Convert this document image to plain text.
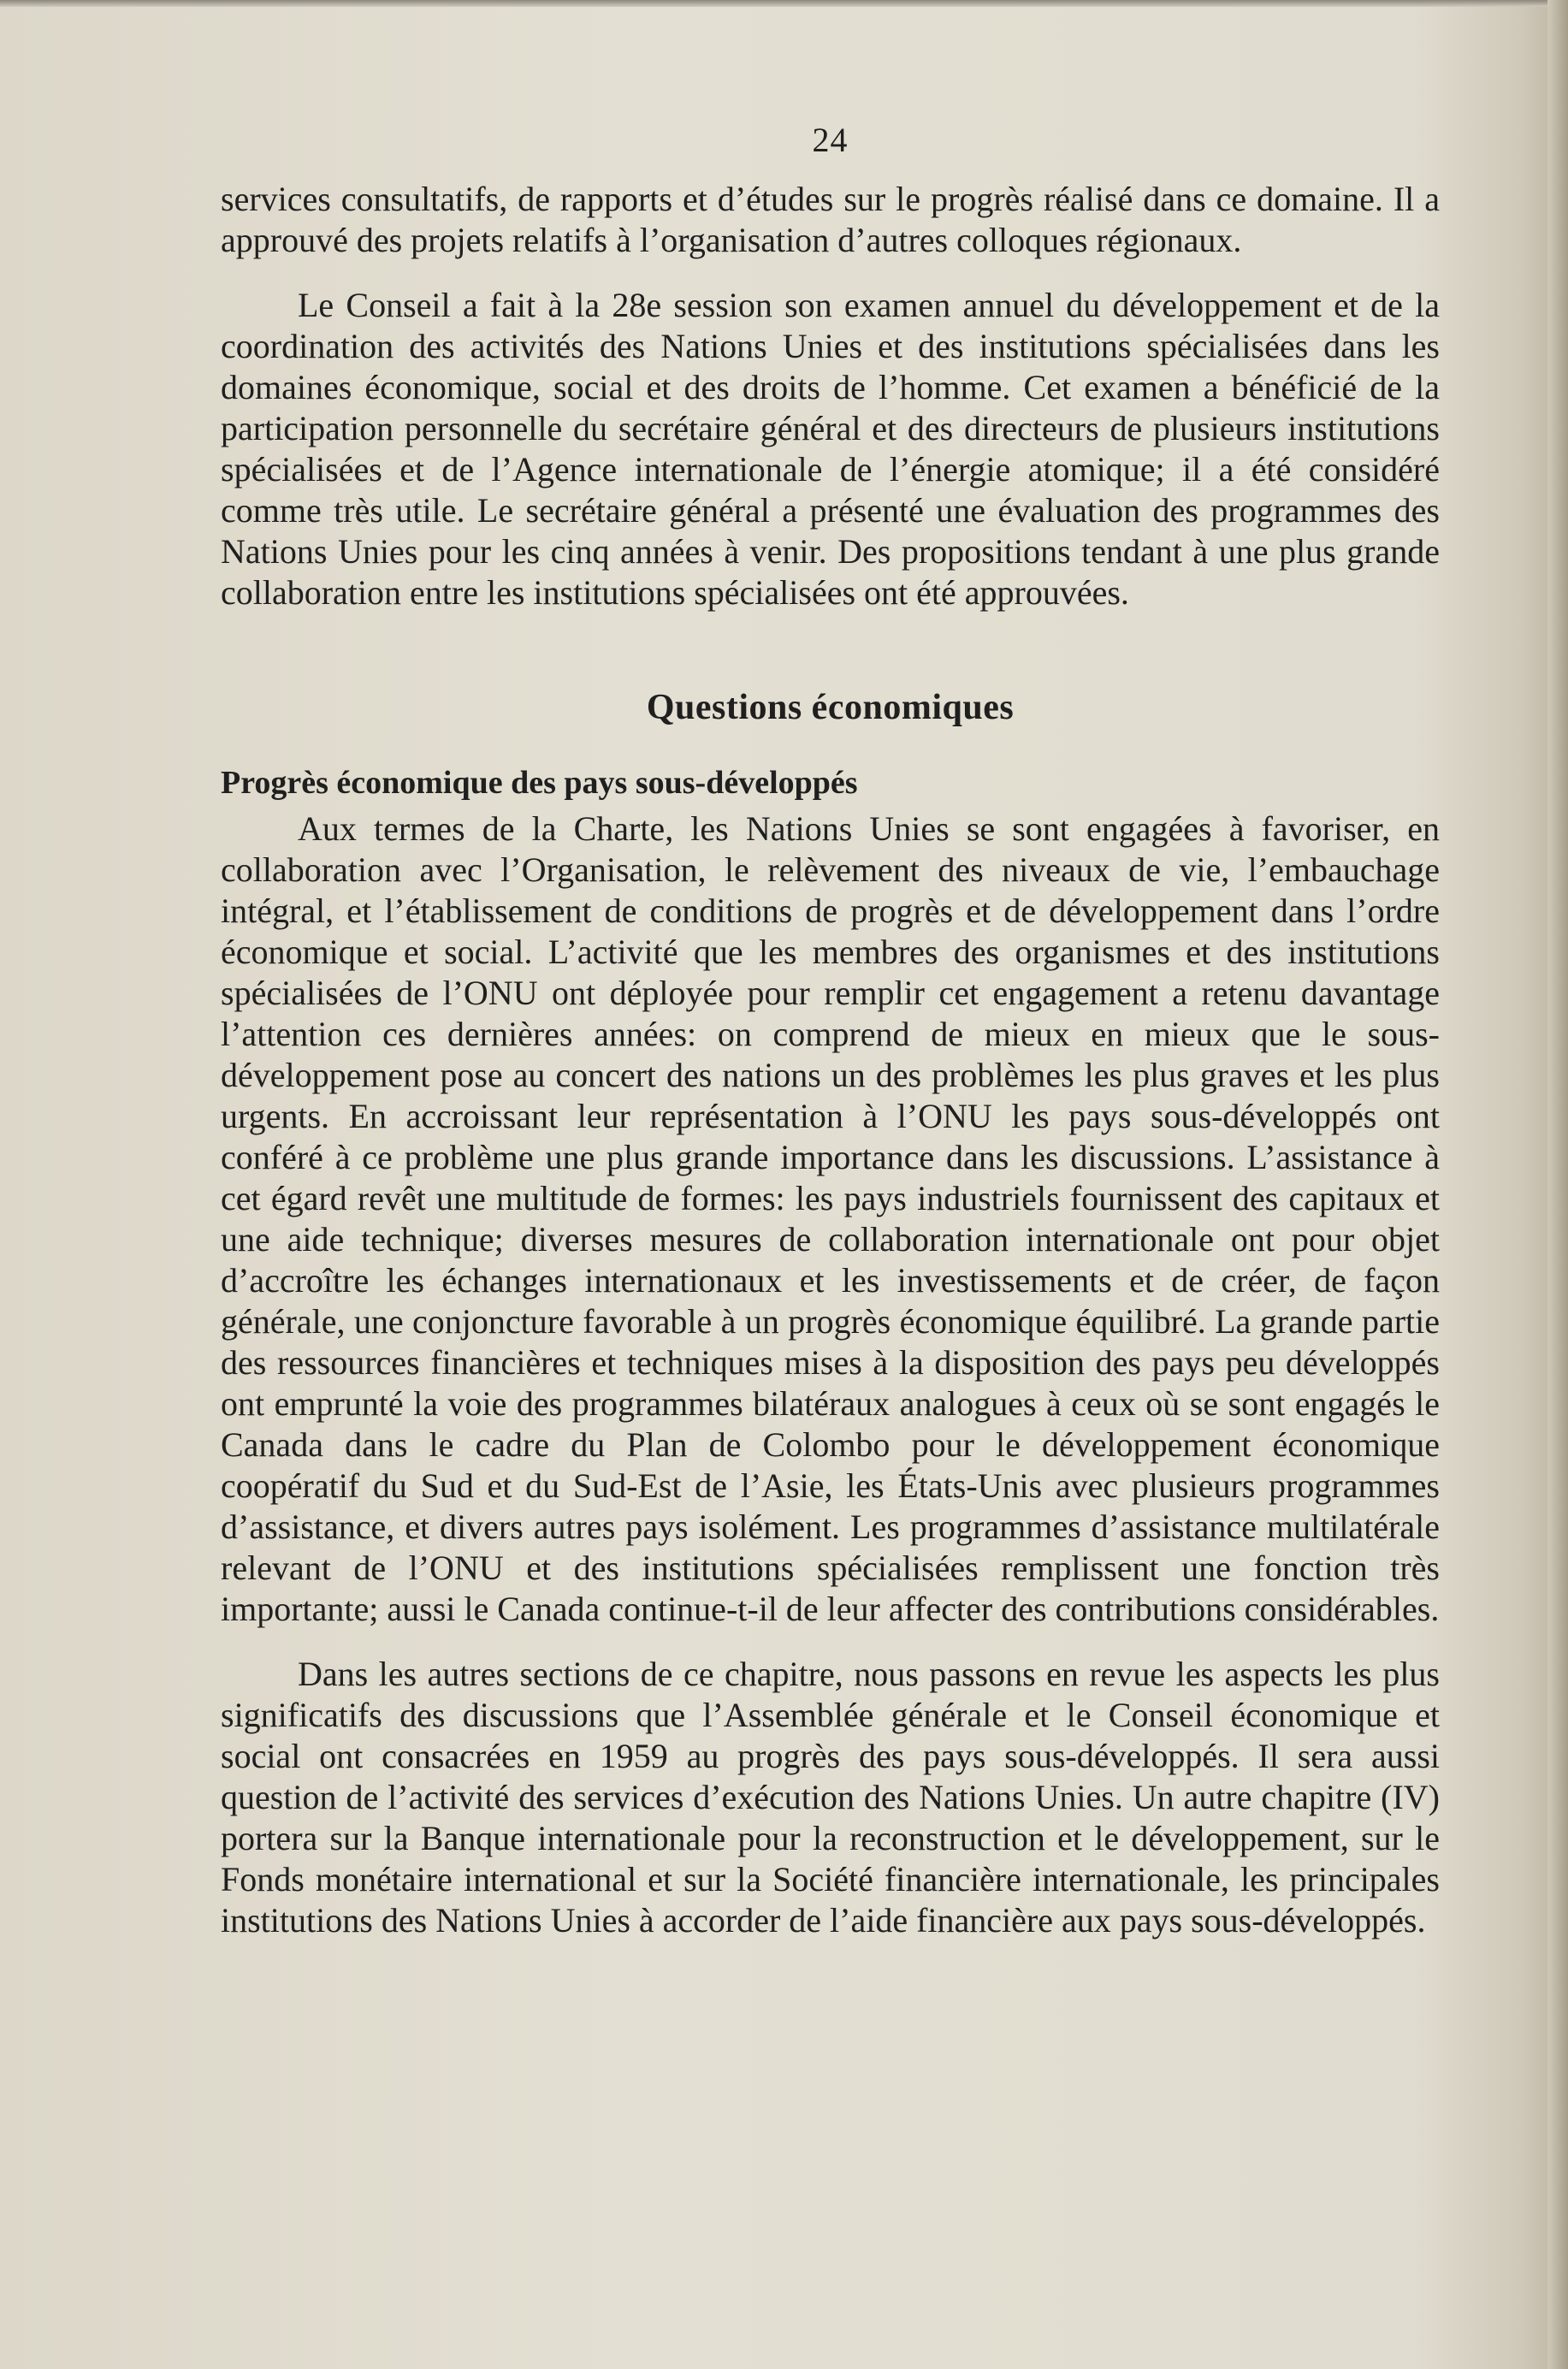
24

services consultatifs, de rapports et d’études sur le progrès réalisé dans ce domaine. Il a approuvé des projets relatifs à l’organisation d’autres colloques régionaux.

Le Conseil a fait à la 28e session son examen annuel du développement et de la coordination des activités des Nations Unies et des institutions spécialisées dans les domaines économique, social et des droits de l’homme. Cet examen a bénéficié de la participation personnelle du secrétaire général et des directeurs de plusieurs institutions spécialisées et de l’Agence internationale de l’énergie atomique; il a été considéré comme très utile. Le secrétaire général a présenté une évaluation des programmes des Nations Unies pour les cinq années à venir. Des propositions tendant à une plus grande collaboration entre les institutions spécialisées ont été approuvées.

Questions économiques
Progrès économique des pays sous-développés

Aux termes de la Charte, les Nations Unies se sont engagées à favoriser, en collaboration avec l’Organisation, le relèvement des niveaux de vie, l’embauchage intégral, et l’établissement de conditions de progrès et de développement dans l’ordre économique et social. L’activité que les membres des organismes et des institutions spécialisées de l’ONU ont déployée pour remplir cet engagement a retenu davantage l’attention ces dernières années: on comprend de mieux en mieux que le sous-développement pose au concert des nations un des problèmes les plus graves et les plus urgents. En accroissant leur représentation à l’ONU les pays sous-développés ont conféré à ce problème une plus grande importance dans les discussions. L’assistance à cet égard revêt une multitude de formes: les pays industriels fournissent des capitaux et une aide technique; diverses mesures de collaboration internationale ont pour objet d’accroître les échanges internationaux et les investissements et de créer, de façon générale, une conjoncture favorable à un progrès économique équilibré. La grande partie des ressources financières et techniques mises à la disposition des pays peu développés ont emprunté la voie des programmes bilatéraux analogues à ceux où se sont engagés le Canada dans le cadre du Plan de Colombo pour le développement économique coopératif du Sud et du Sud-Est de l’Asie, les États-Unis avec plusieurs programmes d’assistance, et divers autres pays isolément. Les programmes d’assistance multilatérale relevant de l’ONU et des institutions spécialisées remplissent une fonction très importante; aussi le Canada continue-t-il de leur affecter des contributions considérables.

Dans les autres sections de ce chapitre, nous passons en revue les aspects les plus significatifs des discussions que l’Assemblée générale et le Conseil économique et social ont consacrées en 1959 au progrès des pays sous-développés. Il sera aussi question de l’activité des services d’exécution des Nations Unies. Un autre chapitre (IV) portera sur la Banque internationale pour la reconstruction et le développement, sur le Fonds monétaire international et sur la Société financière internationale, les principales institutions des Nations Unies à accorder de l’aide financière aux pays sous-développés.
